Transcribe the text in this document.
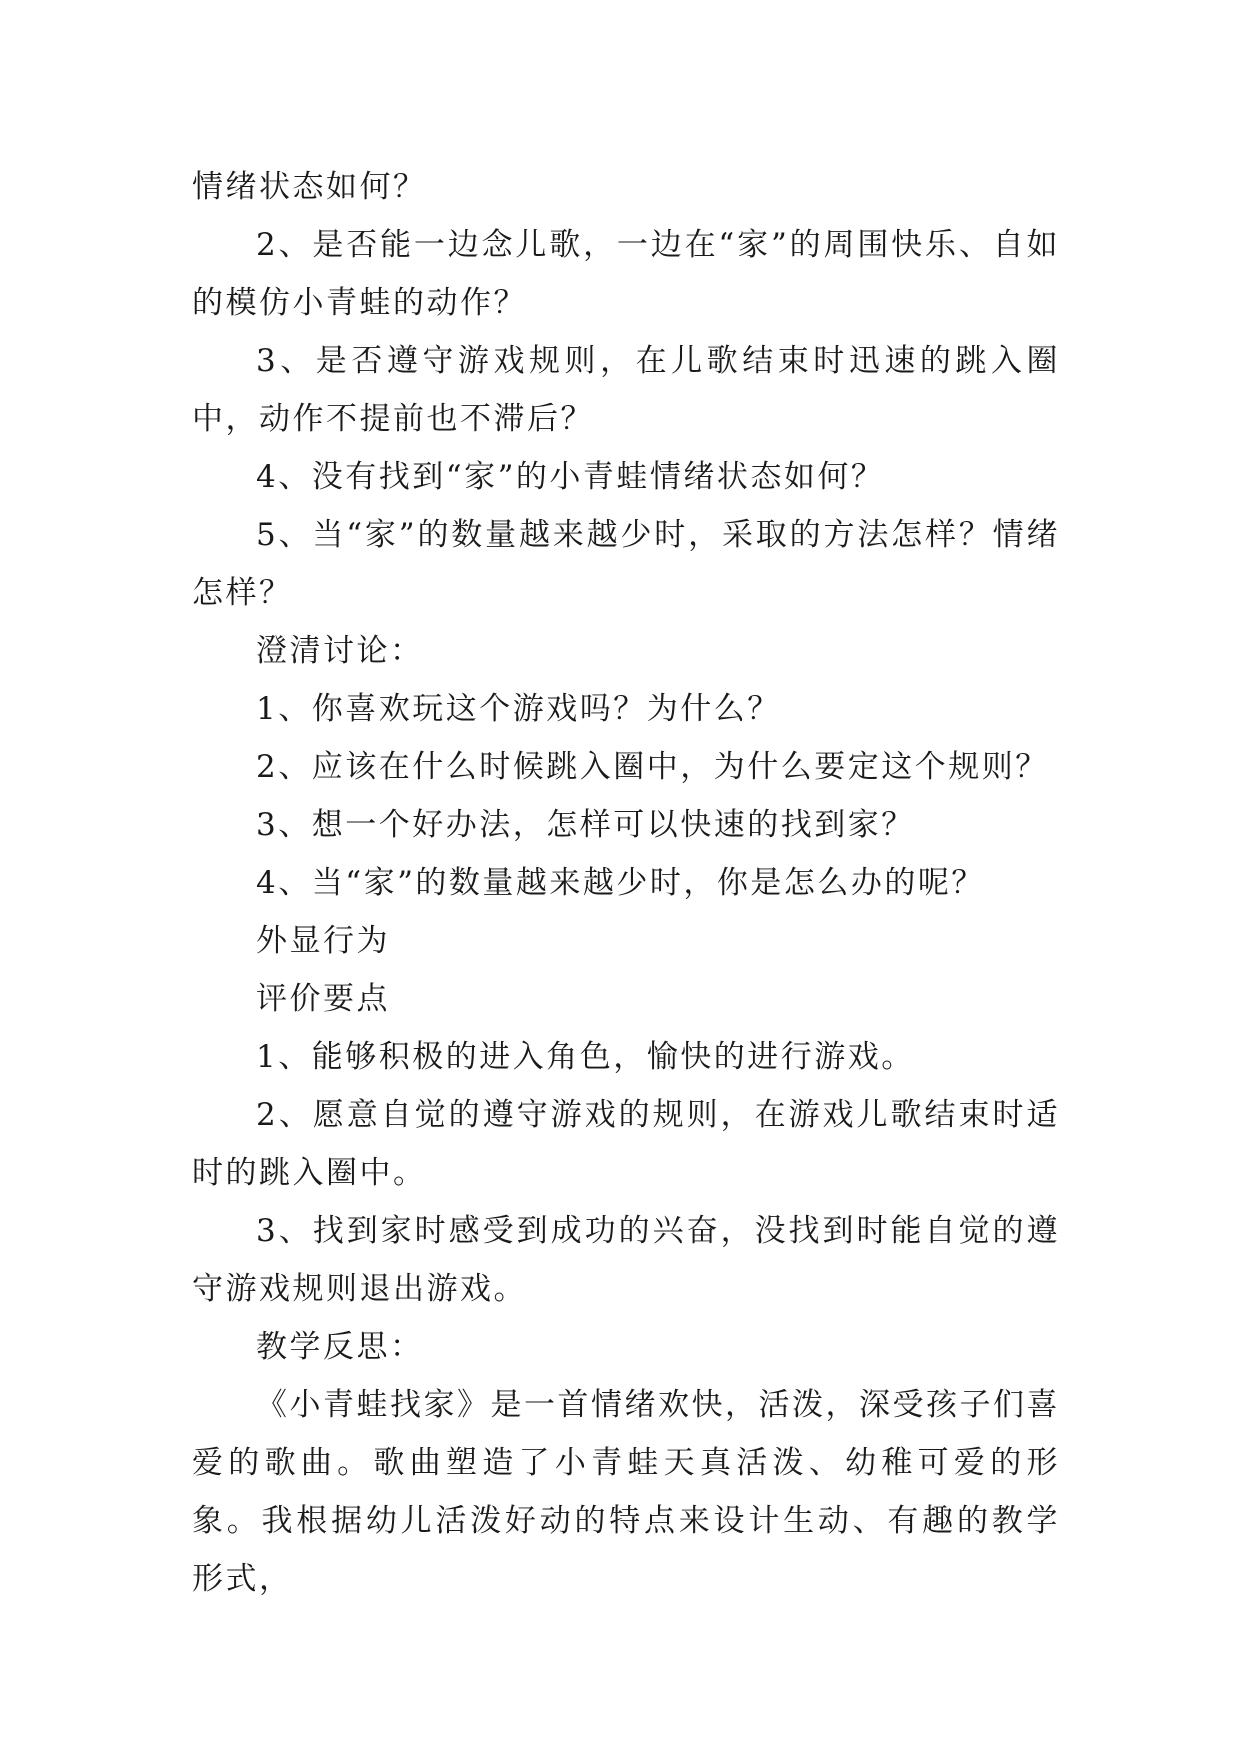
情绪状态如何？

2、是否能一边念儿歌，一边在“家”的周围快乐、自如的模仿小青蛙的动作？

3、是否遵守游戏规则，在儿歌结束时迅速的跳入圈中，动作不提前也不滞后？

4、没有找到“家”的小青蛙情绪状态如何？

5、当“家”的数量越来越少时，采取的方法怎样？情绪怎样？

澄清讨论：

1、你喜欢玩这个游戏吗？为什么？

2、应该在什么时候跳入圈中，为什么要定这个规则？

3、想一个好办法，怎样可以快速的找到家？

4、当“家”的数量越来越少时，你是怎么办的呢？

外显行为

评价要点

1、能够积极的进入角色，愉快的进行游戏。

2、愿意自觉的遵守游戏的规则，在游戏儿歌结束时适时的跳入圈中。

3、找到家时感受到成功的兴奋，没找到时能自觉的遵守游戏规则退出游戏。

教学反思：

《小青蛙找家》是一首情绪欢快，活泼，深受孩子们喜爱的歌曲。歌曲塑造了小青蛙天真活泼、幼稚可爱的形象。我根据幼儿活泼好动的特点来设计生动、有趣的教学形式，
